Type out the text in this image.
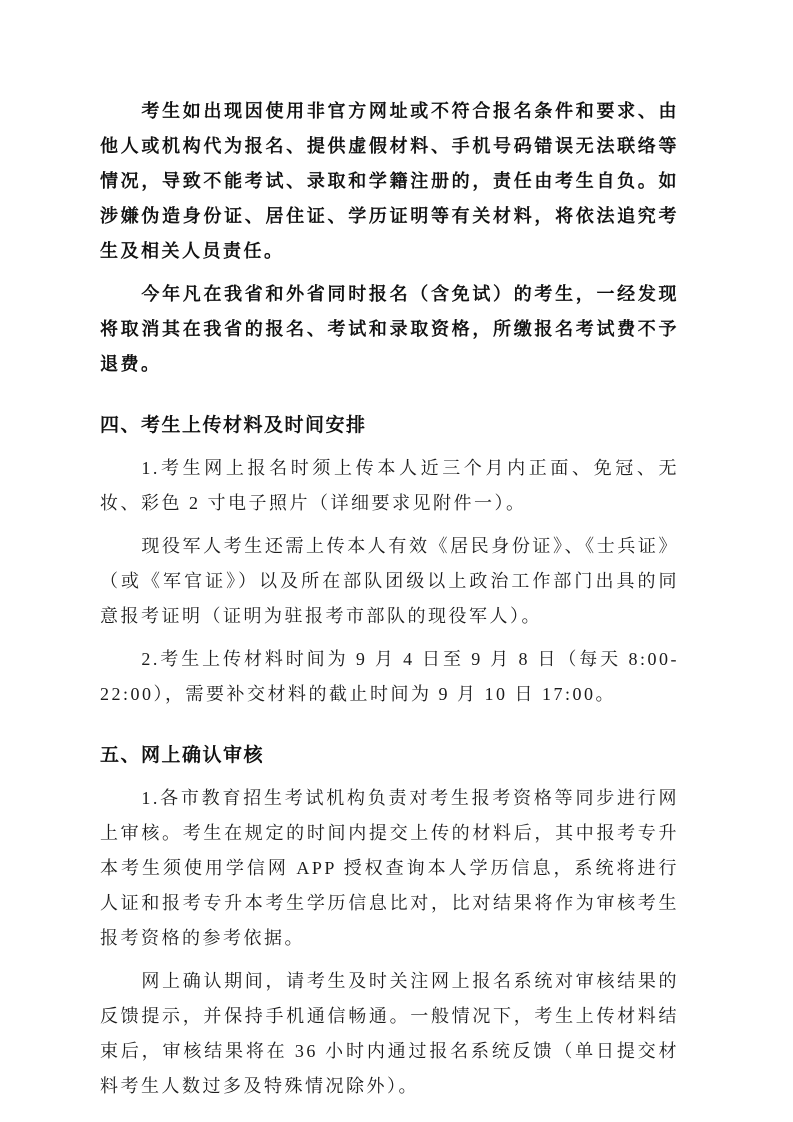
考生如出现因使用非官方网址或不符合报名条件和要求、由他人或机构代为报名、提供虚假材料、手机号码错误无法联络等情况，导致不能考试、录取和学籍注册的，责任由考生自负。如涉嫌伪造身份证、居住证、学历证明等有关材料，将依法追究考生及相关人员责任。

今年凡在我省和外省同时报名（含免试）的考生，一经发现将取消其在我省的报名、考试和录取资格，所缴报名考试费不予退费。

四、考生上传材料及时间安排

1.考生网上报名时须上传本人近三个月内正面、免冠、无妆、彩色 2 寸电子照片（详细要求见附件一）。

现役军人考生还需上传本人有效《居民身份证》、《士兵证》（或《军官证》）以及所在部队团级以上政治工作部门出具的同意报考证明（证明为驻报考市部队的现役军人）。

2.考生上传材料时间为 9 月 4 日至 9 月 8 日（每天 8:00-22:00），需要补交材料的截止时间为 9 月 10 日 17:00。

五、网上确认审核

1.各市教育招生考试机构负责对考生报考资格等同步进行网上审核。考生在规定的时间内提交上传的材料后，其中报考专升本考生须使用学信网 APP 授权查询本人学历信息，系统将进行人证和报考专升本考生学历信息比对，比对结果将作为审核考生报考资格的参考依据。

网上确认期间，请考生及时关注网上报名系统对审核结果的反馈提示，并保持手机通信畅通。一般情况下，考生上传材料结束后，审核结果将在 36 小时内通过报名系统反馈（单日提交材料考生人数过多及特殊情况除外）。
